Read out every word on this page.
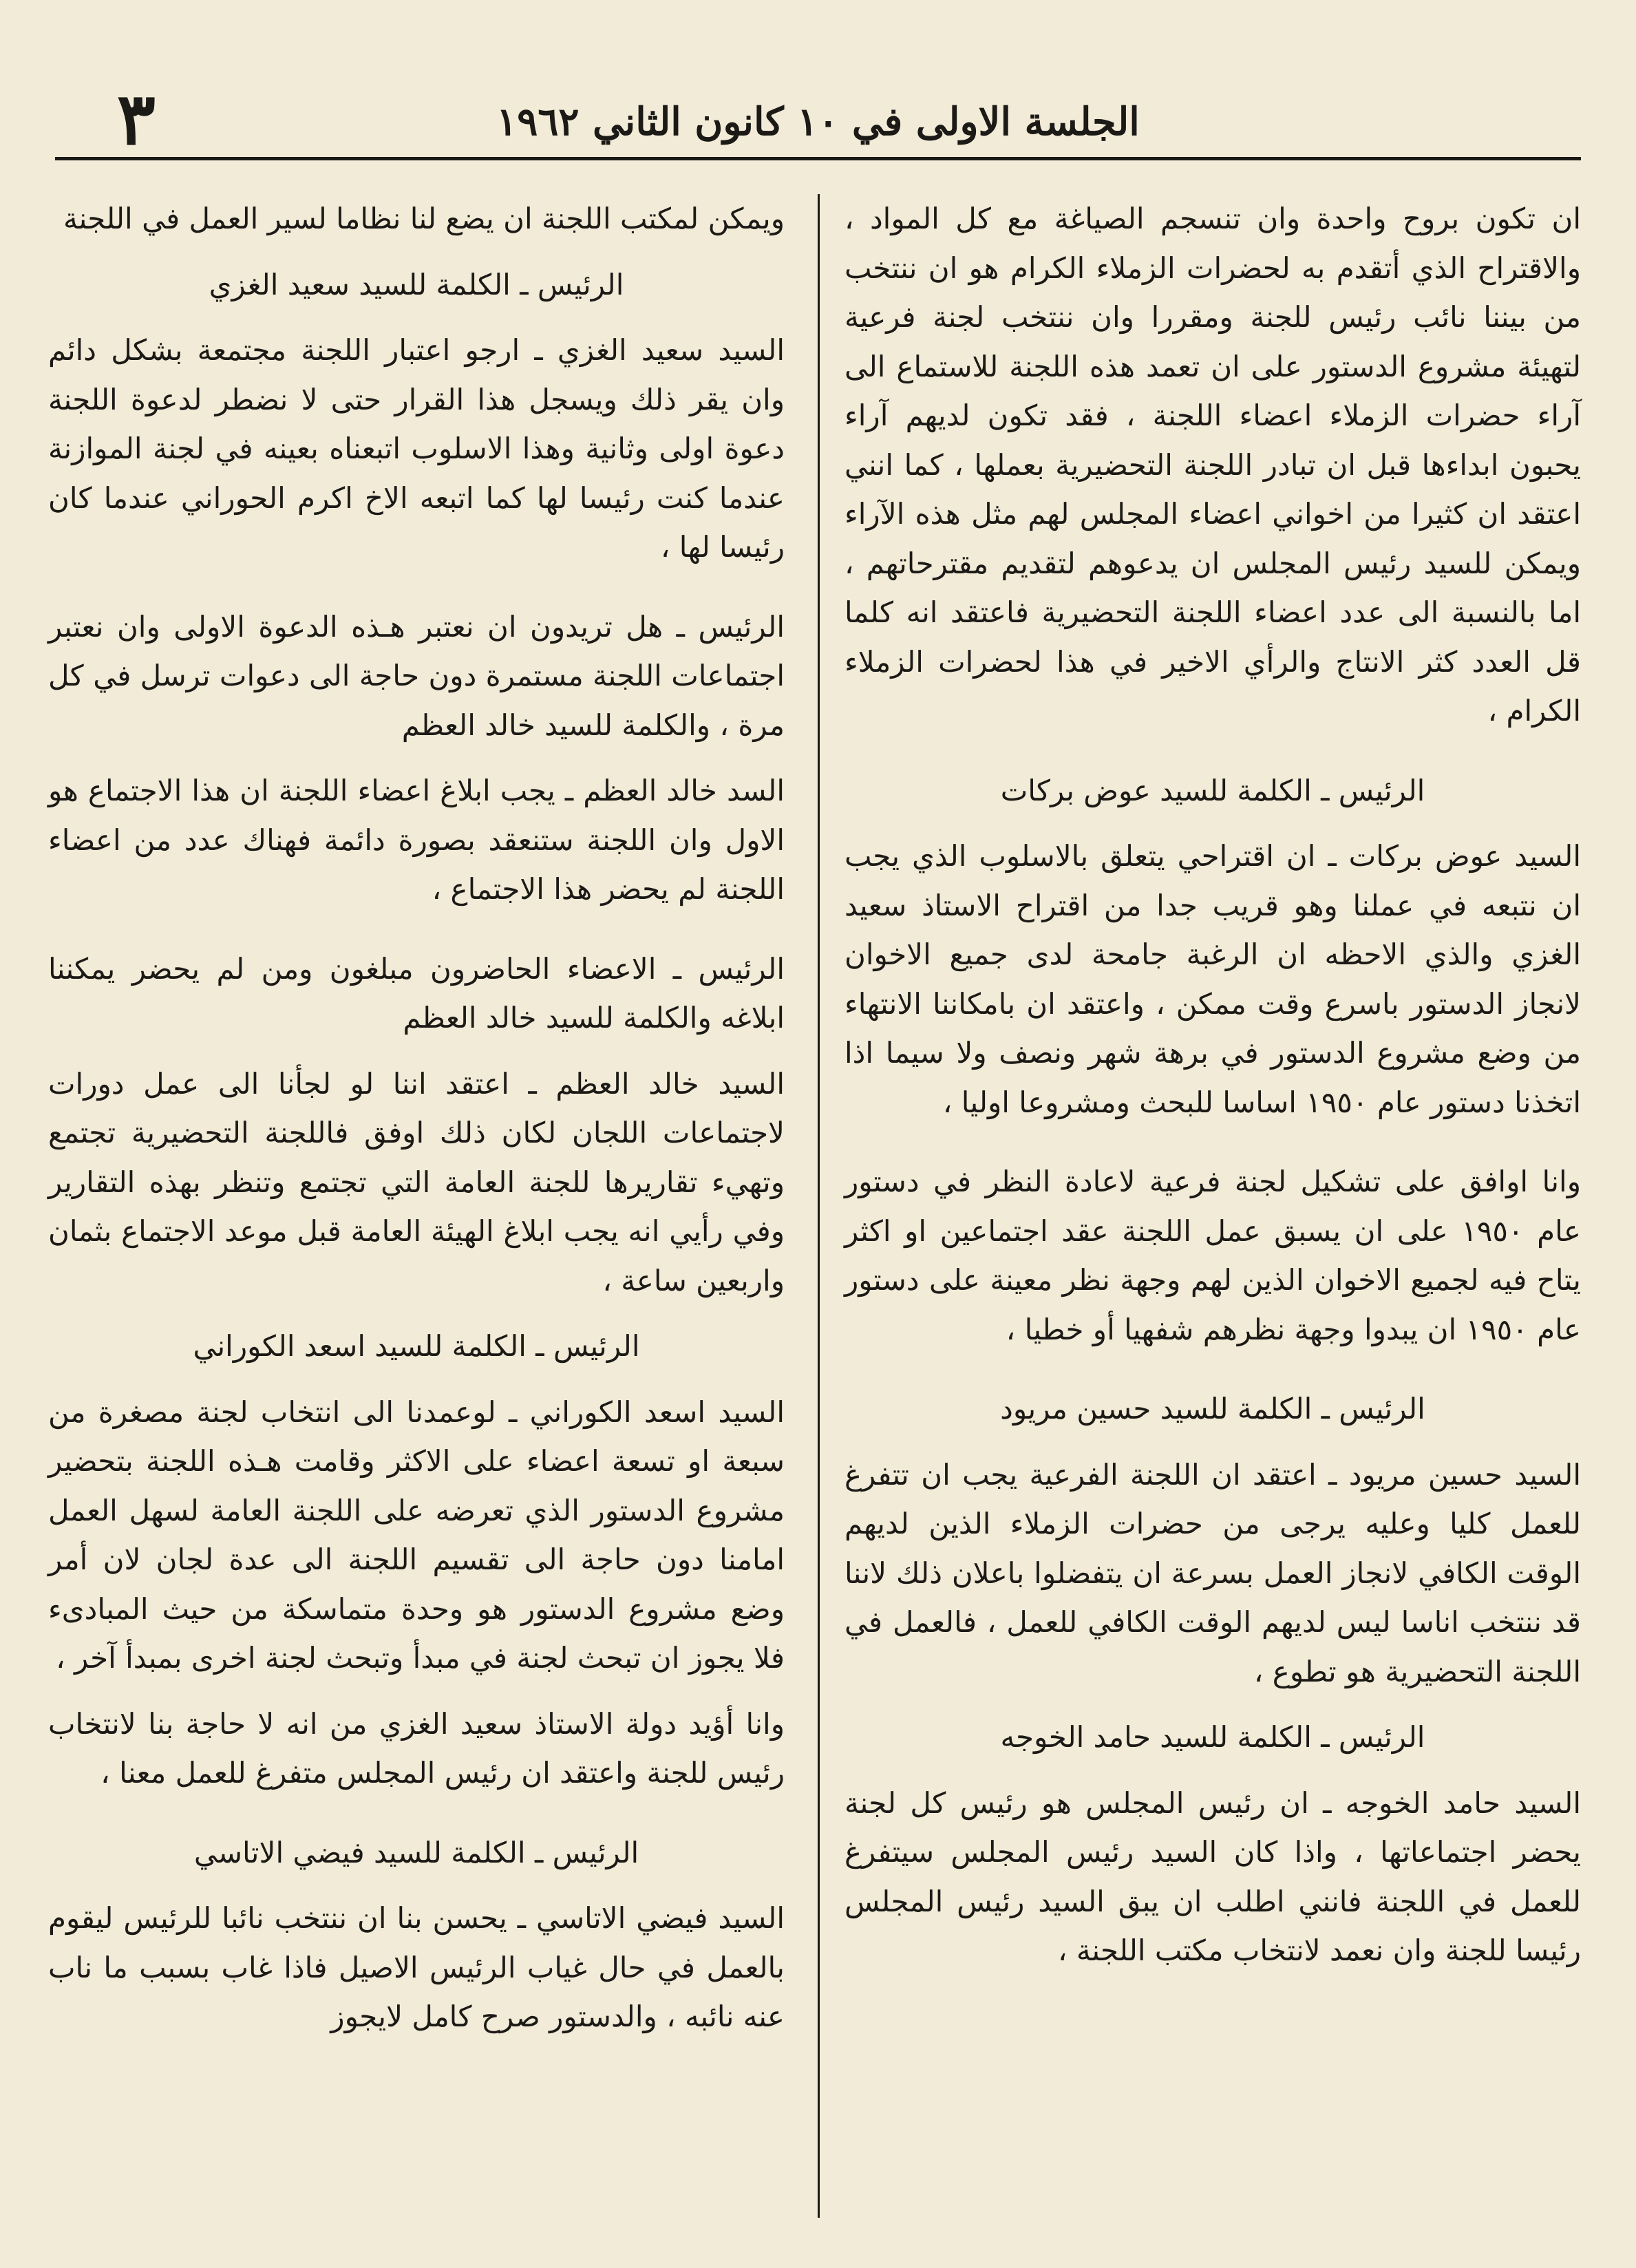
٣	الجلسة الاولى في ١٠ كانون الثاني ١٩٦٢

ان تكون بروح واحدة وان تنسجم الصياغة مع كل المواد ، والاقتراح الذي أتقدم به لحضرات الزملاء الكرام هو ان ننتخب من بيننا نائب رئيس للجنة ومقررا وان ننتخب لجنة فرعية لتهيئة مشروع الدستور على ان تعمد هذه اللجنة للاستماع الى آراء حضرات الزملاء اعضاء اللجنة ، فقد تكون لديهم آراء يحبون ابداءها قبل ان تبادر اللجنة التحضيرية بعملها ، كما انني اعتقد ان كثيرا من اخواني اعضاء المجلس لهم مثل هذه الآراء ويمكن للسيد رئيس المجلس ان يدعوهم لتقديم مقترحاتهم ، اما بالنسبة الى عدد اعضاء اللجنة التحضيرية فاعتقد انه كلما قل العدد كثر الانتاج والرأي الاخير في هذا لحضرات الزملاء الكرام ،

الرئيس ـ الكلمة للسيد عوض بركات

السيد عوض بركات ـ ان اقتراحي يتعلق بالاسلوب الذي يجب ان نتبعه في عملنا وهو قريب جدا من اقتراح الاستاذ سعيد الغزي والذي الاحظه ان الرغبة جامحة لدى جميع الاخوان لانجاز الدستور باسرع وقت ممكن ، واعتقد ان بامكاننا الانتهاء من وضع مشروع الدستور في برهة شهر ونصف ولا سيما اذا اتخذنا دستور عام ١٩٥٠ اساسا للبحث ومشروعا اوليا ،

وانا اوافق على تشكيل لجنة فرعية لاعادة النظر في دستور عام ١٩٥٠ على ان يسبق عمل اللجنة عقد اجتماعين او اكثر يتاح فيه لجميع الاخوان الذين لهم وجهة نظر معينة على دستور عام ١٩٥٠ ان يبدوا وجهة نظرهم شفهيا أو خطيا ،

الرئيس ـ الكلمة للسيد حسين مريود

السيد حسين مريود ـ اعتقد ان اللجنة الفرعية يجب ان تتفرغ للعمل كليا وعليه يرجى من حضرات الزملاء الذين لديهم الوقت الكافي لانجاز العمل بسرعة ان يتفضلوا باعلان ذلك لاننا قد ننتخب اناسا ليس لديهم الوقت الكافي للعمل ، فالعمل في اللجنة التحضيرية هو تطوع ،

الرئيس ـ الكلمة للسيد حامد الخوجه

السيد حامد الخوجه ـ ان رئيس المجلس هو رئيس كل لجنة يحضر اجتماعاتها ، واذا كان السيد رئيس المجلس سيتفرغ للعمل في اللجنة فانني اطلب ان يبق السيد رئيس المجلس رئيسا للجنة وان نعمد لانتخاب مكتب اللجنة ،

ويمكن لمكتب اللجنة ان يضع لنا نظاما لسير العمل في اللجنة

الرئيس ـ الكلمة للسيد سعيد الغزي

السيد سعيد الغزي ـ ارجو اعتبار اللجنة مجتمعة بشكل دائم وان يقر ذلك ويسجل هذا القرار حتى لا نضطر لدعوة اللجنة دعوة اولى وثانية وهذا الاسلوب اتبعناه بعينه في لجنة الموازنة عندما كنت رئيسا لها كما اتبعه الاخ اكرم الحوراني عندما كان رئيسا لها ،

الرئيس ـ هل تريدون ان نعتبر هـذه الدعوة الاولى وان نعتبر اجتماعات اللجنة مستمرة دون حاجة الى دعوات ترسل في كل مرة ، والكلمة للسيد خالد العظم

السد خالد العظم ـ يجب ابلاغ اعضاء اللجنة ان هذا الاجتماع هو الاول وان اللجنة ستنعقد بصورة دائمة فهناك عدد من اعضاء اللجنة لم يحضر هذا الاجتماع ،

الرئيس ـ الاعضاء الحاضرون مبلغون ومن لم يحضر يمكننا ابلاغه والكلمة للسيد خالد العظم

السيد خالد العظم ـ اعتقد اننا لو لجأنا الى عمل دورات لاجتماعات اللجان لكان ذلك اوفق فاللجنة التحضيرية تجتمع وتهيء تقاريرها للجنة العامة التي تجتمع وتنظر بهذه التقارير وفي رأيي انه يجب ابلاغ الهيئة العامة قبل موعد الاجتماع بثمان واربعين ساعة ،

الرئيس ـ الكلمة للسيد اسعد الكوراني

السيد اسعد الكوراني ـ لوعمدنا الى انتخاب لجنة مصغرة من سبعة او تسعة اعضاء على الاكثر وقامت هـذه اللجنة بتحضير مشروع الدستور الذي تعرضه على اللجنة العامة لسهل العمل امامنا دون حاجة الى تقسيم اللجنة الى عدة لجان لان أمر وضع مشروع الدستور هو وحدة متماسكة من حيث المبادىء فلا يجوز ان تبحث لجنة في مبدأ وتبحث لجنة اخرى بمبدأ آخر ،

وانا أؤيد دولة الاستاذ سعيد الغزي من انه لا حاجة بنا لانتخاب رئيس للجنة واعتقد ان رئيس المجلس متفرغ للعمل معنا ،

الرئيس ـ الكلمة للسيد فيضي الاتاسي

السيد فيضي الاتاسي ـ يحسن بنا ان ننتخب نائبا للرئيس ليقوم بالعمل في حال غياب الرئيس الاصيل فاذا غاب بسبب ما ناب عنه نائبه ، والدستور صرح كامل لايجوز
